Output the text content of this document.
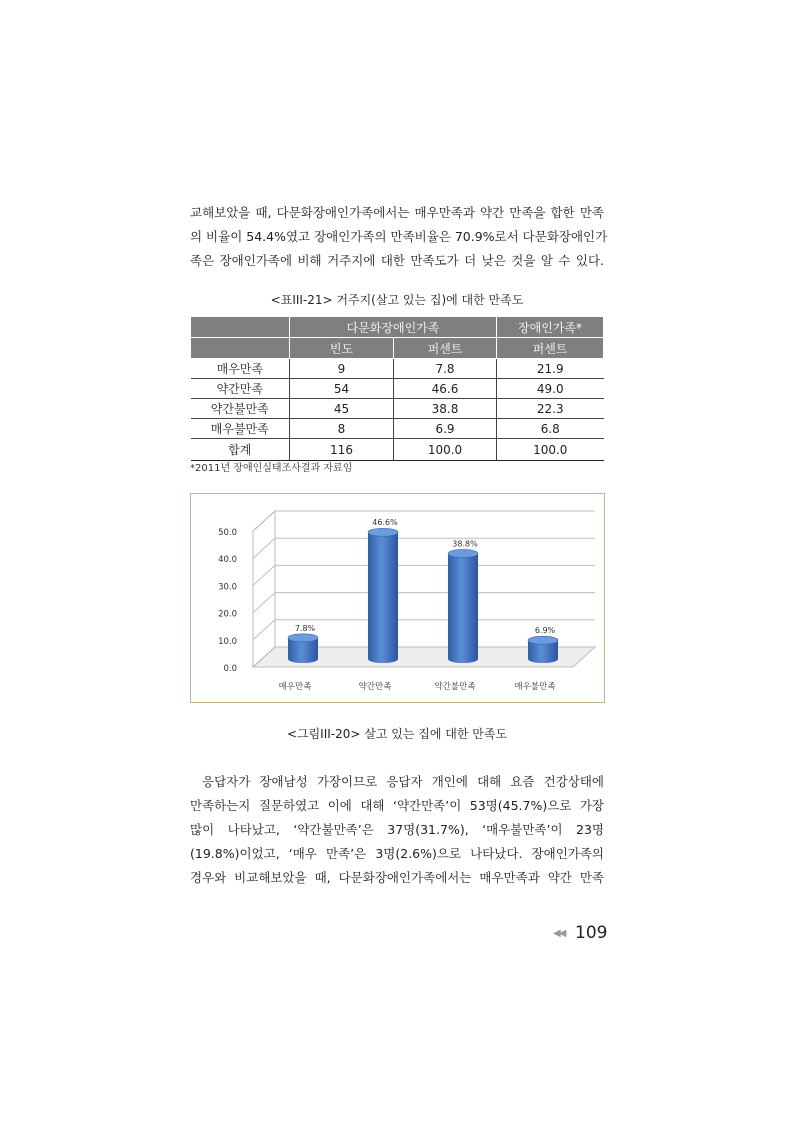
교해보았을 때, 다문화장애인가족에서는 매우만족과 약간 만족을 합한 만족
의 비율이 54.4%였고 장애인가족의 만족비율은 70.9%로서 다문화장애인가
족은 장애인가족에 비해 거주지에 대한 만족도가 더 낮은 것을 알 수 있다.
<표III-21> 거주지(살고 있는 집)에 대한 만족도
	다문화장애인가족		장애인가족*
	빈도	퍼센트	퍼센트
매우만족	9	7.8	21.9
약간만족	54	46.6	49.0
약간불만족	45	38.8	22.3
매우불만족	8	6.9	6.8
합계	116	100.0	100.0
*2011년 장애인실태조사결과 자료임
0.0
10.0
20.0
30.0
40.0
50.0
7.8%
매우만족
46.6%
약간만족
38.8%
약간불만족
6.9%
매우불만족
<그림III-20> 살고 있는 집에 대한 만족도
응답자가 장애남성 가장이므로 응답자 개인에 대해 요즘 건강상태에
만족하는지 질문하였고 이에 대해 ‘약간만족’이 53명(45.7%)으로 가장
많이 나타났고, ‘약간불만족’은 37명(31.7%), ‘매우불만족’이 23명
(19.8%)이었고, ‘매우 만족’은 3명(2.6%)으로 나타났다. 장애인가족의
경우와 비교해보았을 때, 다문화장애인가족에서는 매우만족과 약간 만족
◀◀ 109
